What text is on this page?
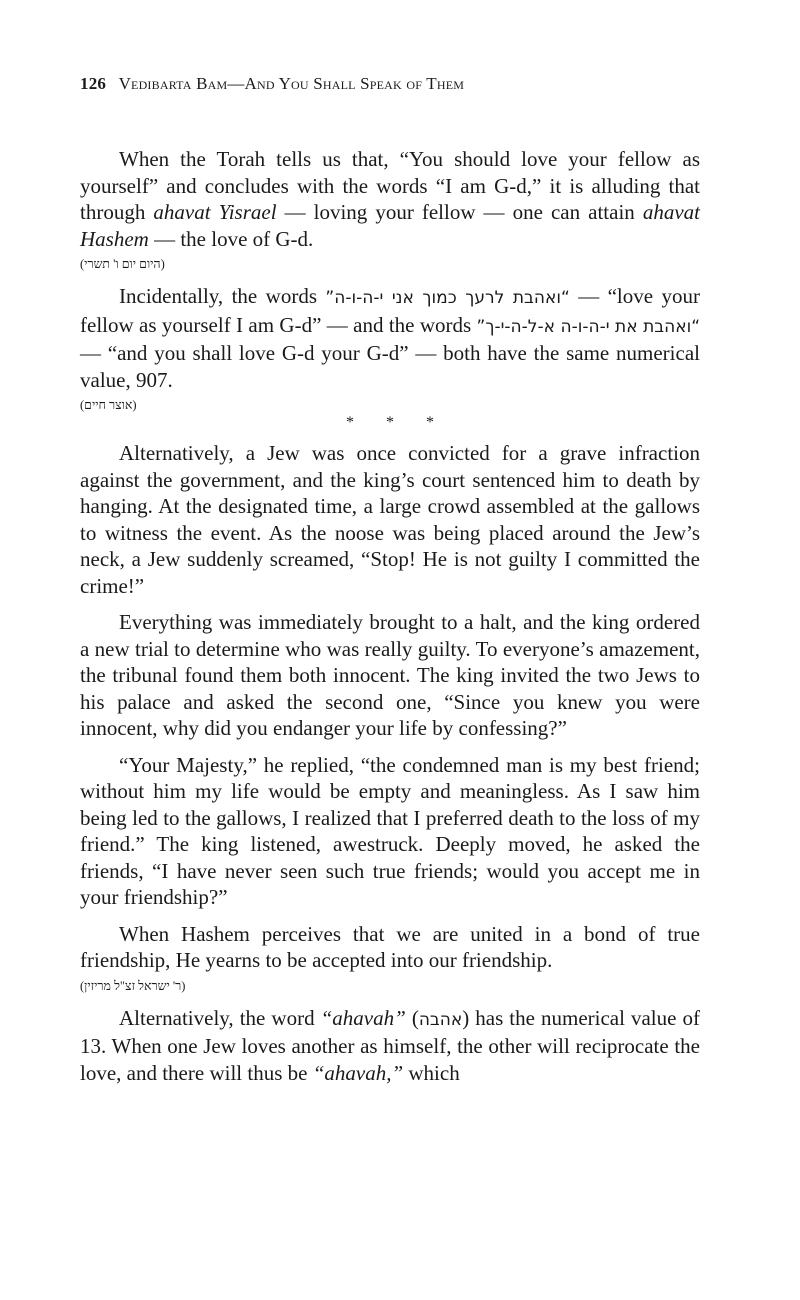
126 Vedibarta Bam—And You Shall Speak of Them

When the Torah tells us that, “You should love your fellow as yourself” and concludes with the words “I am G-d,” it is alluding that through ahavat Yisrael — loving your fellow — one can attain ahavat Hashem — the love of G-d.

(היום יום ו' תשרי)

Incidentally, the words “ואהבת לרעך כמוך אני י-ה-ו-ה” — “love your fellow as yourself I am G-d” — and the words “ואהבת את י-ה-ו-ה א-ל-ה-י-ך” — “and you shall love G-d your G-d” — both have the same numerical value, 907.

(אוצר חיים)
* * *

Alternatively, a Jew was once convicted for a grave infraction against the government, and the king’s court sentenced him to death by hanging. At the designated time, a large crowd assembled at the gallows to witness the event. As the noose was being placed around the Jew’s neck, a Jew suddenly screamed, “Stop! He is not guilty I committed the crime!”

Everything was immediately brought to a halt, and the king ordered a new trial to determine who was really guilty. To everyone’s amazement, the tribunal found them both innocent. The king invited the two Jews to his palace and asked the second one, “Since you knew you were innocent, why did you endanger your life by confessing?”

“Your Majesty,” he replied, “the condemned man is my best friend; without him my life would be empty and meaningless. As I saw him being led to the gallows, I realized that I preferred death to the loss of my friend.” The king listened, awestruck. Deeply moved, he asked the friends, “I have never seen such true friends; would you accept me in your friendship?”

When Hashem perceives that we are united in a bond of true friendship, He yearns to be accepted into our friendship.

(ר' ישראל זצ"ל מריזין)

Alternatively, the word “ahavah” (אהבה) has the numerical value of 13. When one Jew loves another as himself, the other will reciprocate the love, and there will thus be “ahavah,” which
